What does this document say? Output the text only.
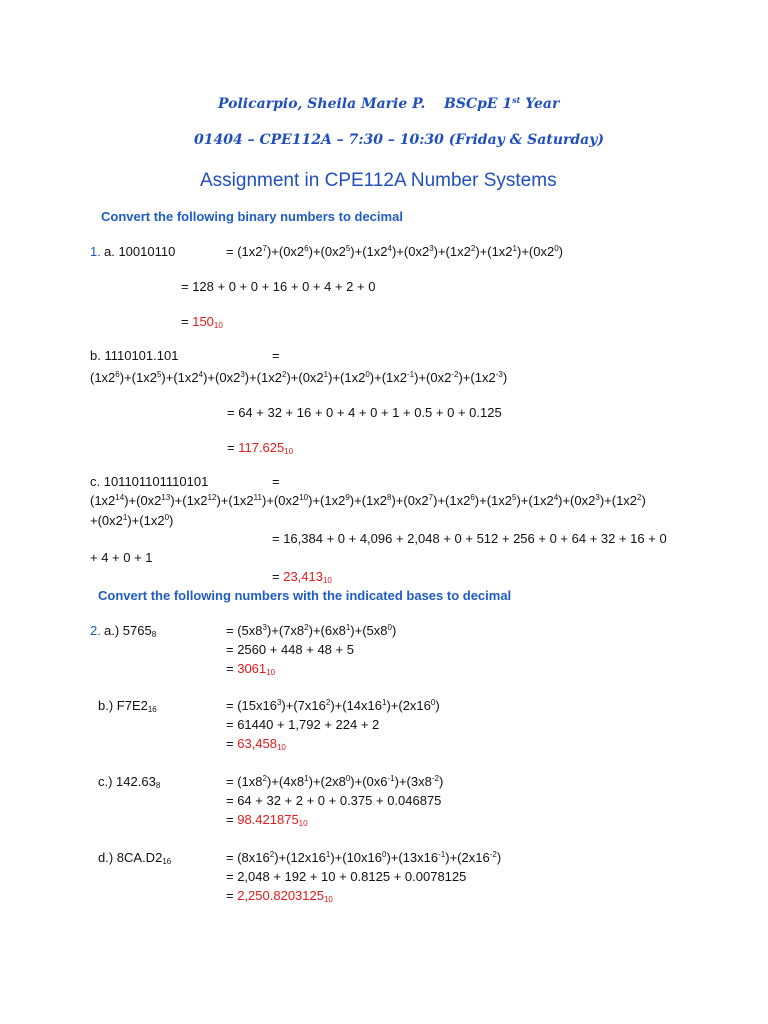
Policarpio, Sheila Marie P. BSCpE 1st Year
01404 – CPE112A – 7:30 – 10:30 (Friday & Saturday)
Assignment in CPE112A Number Systems
Convert the following binary numbers to decimal
1. a. 10010110	= $(1x2^7)+(0x2^6)+(0x2^5)+(1x2^4)+(0x2^3)+(1x2^2)+(1x2^1)+(0x2^0)$
= 128 + 0 + 0 + 16 + 0 + 4 + 2 + 0
= $150_{10}$
b. 1110101.101	=
$(1x2^6)+(1x2^5)+(1x2^4)+(0x2^3)+(1x2^2)+(0x2^1)+(1x2^0)+(1x2^{-1})+(0x2^{-2})+(1x2^{-3})$
= 64 + 32 + 16 + 0 + 4 + 0 + 1 + 0.5 + 0 + 0.125
= $117.625_{10}$
c. 101101101110101	=
$(1x2^{14})+(0x2^{13})+(1x2^{12})+(1x2^{11})+(0x2^{10})+(1x2^9)+(1x2^8)+(0x2^7)+(1x2^6)+(1x2^5)+(1x2^4)+(0x2^3)+(1x2^2)$
$+(0x2^1)+(1x2^0)$
= 16,384 + 0 + 4,096 + 2,048 + 0 + 512 + 256 + 0 + 64 + 32 + 16 + 0
+ 4 + 0 + 1
= $23,413_{10}$
Convert the following numbers with the indicated bases to decimal
2. a.) $5765_8$	= $(5x8^3)+(7x8^2)+(6x8^1)+(5x8^0)$
= 2560 + 448 + 48 + 5
= $3061_{10}$
b.) $F7E2_{16}$	= $(15x16^3)+(7x16^2)+(14x16^1)+(2x16^0)$
= 61440 + 1,792 + 224 + 2
= $63,458_{10}$
c.) $142.63_8$	= $(1x8^2)+(4x8^1)+(2x8^0)+(0x6^{-1})+(3x8^{-2})$
= 64 + 32 + 2 + 0 + 0.375 + 0.046875
= $98.421875_{10}$
d.) $8CA.D2_{16}$	= $(8x16^2)+(12x16^1)+(10x16^0)+(13x16^{-1})+(2x16^{-2})$
= 2,048 + 192 + 10 + 0.8125 + 0.0078125
= $2,250.8203125_{10}$
